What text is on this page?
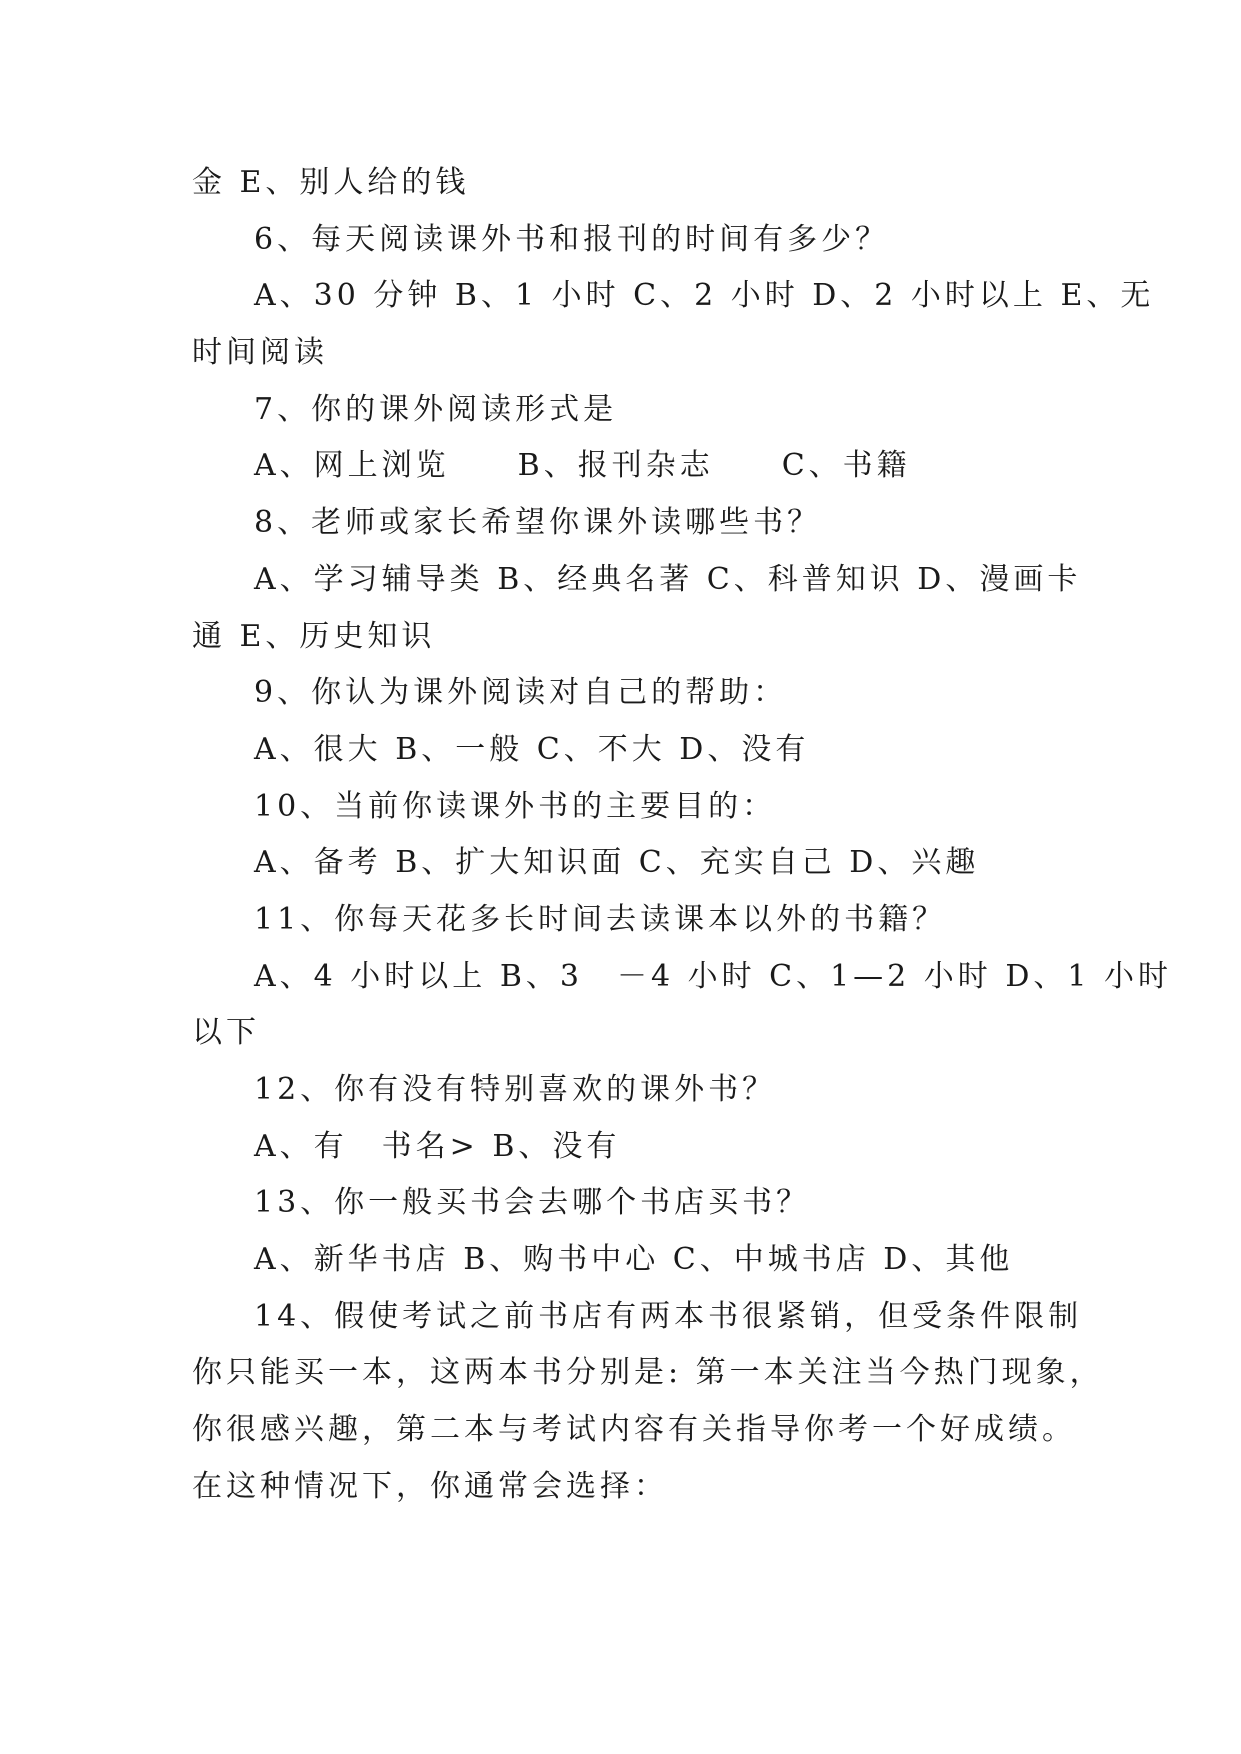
金 E、别人给的钱
6、每天阅读课外书和报刊的时间有多少？
A、30 分钟 B、1 小时 C、2 小时 D、2 小时以上 E、无
时间阅读
7、你的课外阅读形式是
A、网上浏览　　B、报刊杂志　　C、书籍
8、老师或家长希望你课外读哪些书？
A、学习辅导类 B、经典名著 C、科普知识 D、漫画卡
通 E、历史知识
9、你认为课外阅读对自己的帮助：
A、很大 B、一般 C、不大 D、没有
10、当前你读课外书的主要目的：
A、备考 B、扩大知识面 C、充实自己 D、兴趣
11、你每天花多长时间去读课本以外的书籍？
A、4 小时以上 B、3　－4 小时 C、1—2 小时 D、1 小时
以下
12、你有没有特别喜欢的课外书？
A、有　书名> B、没有
13、你一般买书会去哪个书店买书？
A、新华书店 B、购书中心 C、中城书店 D、其他
14、假使考试之前书店有两本书很紧销，但受条件限制
你只能买一本，这两本书分别是: 第一本关注当今热门现象，
你很感兴趣，第二本与考试内容有关指导你考一个好成绩。
在这种情况下，你通常会选择：
